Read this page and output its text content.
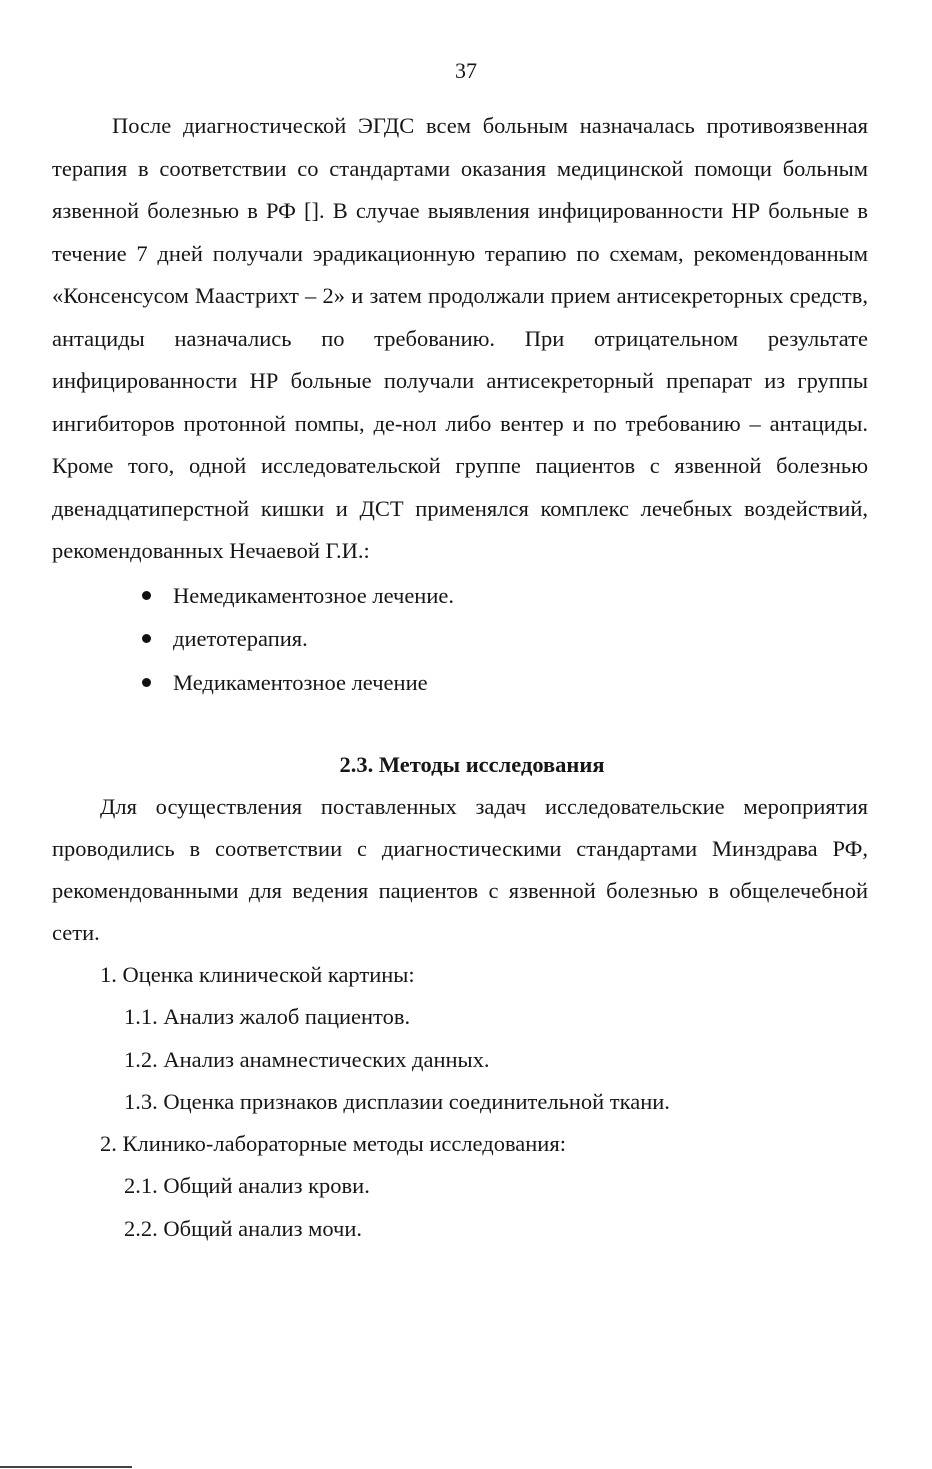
37

После диагностической ЭГДС всем больным назначалась противоязвенная терапия в соответствии со стандартами оказания медицинской помощи больным язвенной болезнью в РФ []. В случае выявления инфицированности НР больные в течение 7 дней получали эрадикационную терапию по схемам, рекомендованным «Консенсусом Маастрихт – 2» и затем продолжали прием антисекреторных средств, антациды назначались по требованию. При отрицательном результате инфицированности НР больные получали антисекреторный препарат из группы ингибиторов протонной помпы, де-нол либо вентер и по требованию – антациды. Кроме того, одной исследовательской группе пациентов с язвенной болезнью двенадцатиперстной кишки и ДСТ применялся комплекс лечебных воздействий, рекомендованных Нечаевой Г.И.:

Немедикаментозное лечение.
диетотерапия.
Медикаментозное лечение
2.3. Методы исследования

Для осуществления поставленных задач исследовательские мероприятия проводились в соответствии с диагностическими стандартами Минздрава РФ, рекомендованными для ведения пациентов с язвенной болезнью в общелечебной сети.

1. Оценка клинической картины:

1.1. Анализ жалоб пациентов.

1.2. Анализ анамнестических данных.

1.3. Оценка признаков дисплазии соединительной ткани.

2. Клинико-лабораторные методы исследования:

2.1. Общий анализ крови.

2.2. Общий анализ мочи.
